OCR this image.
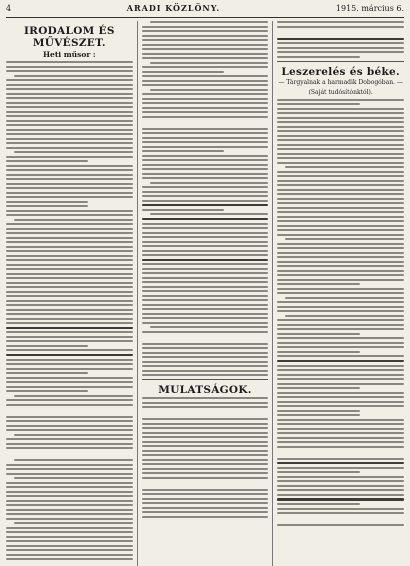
4	ARADI KÖZLÖNY.	1915. március 6.
IRODALOM ÉS MŰVÉSZET.
Heti műsor :
MULATSÁGOK.
Leszerelés és béke.
— Tárgyalnak a harmadik Dobogóban. —
(Saját tudósítónktól).
